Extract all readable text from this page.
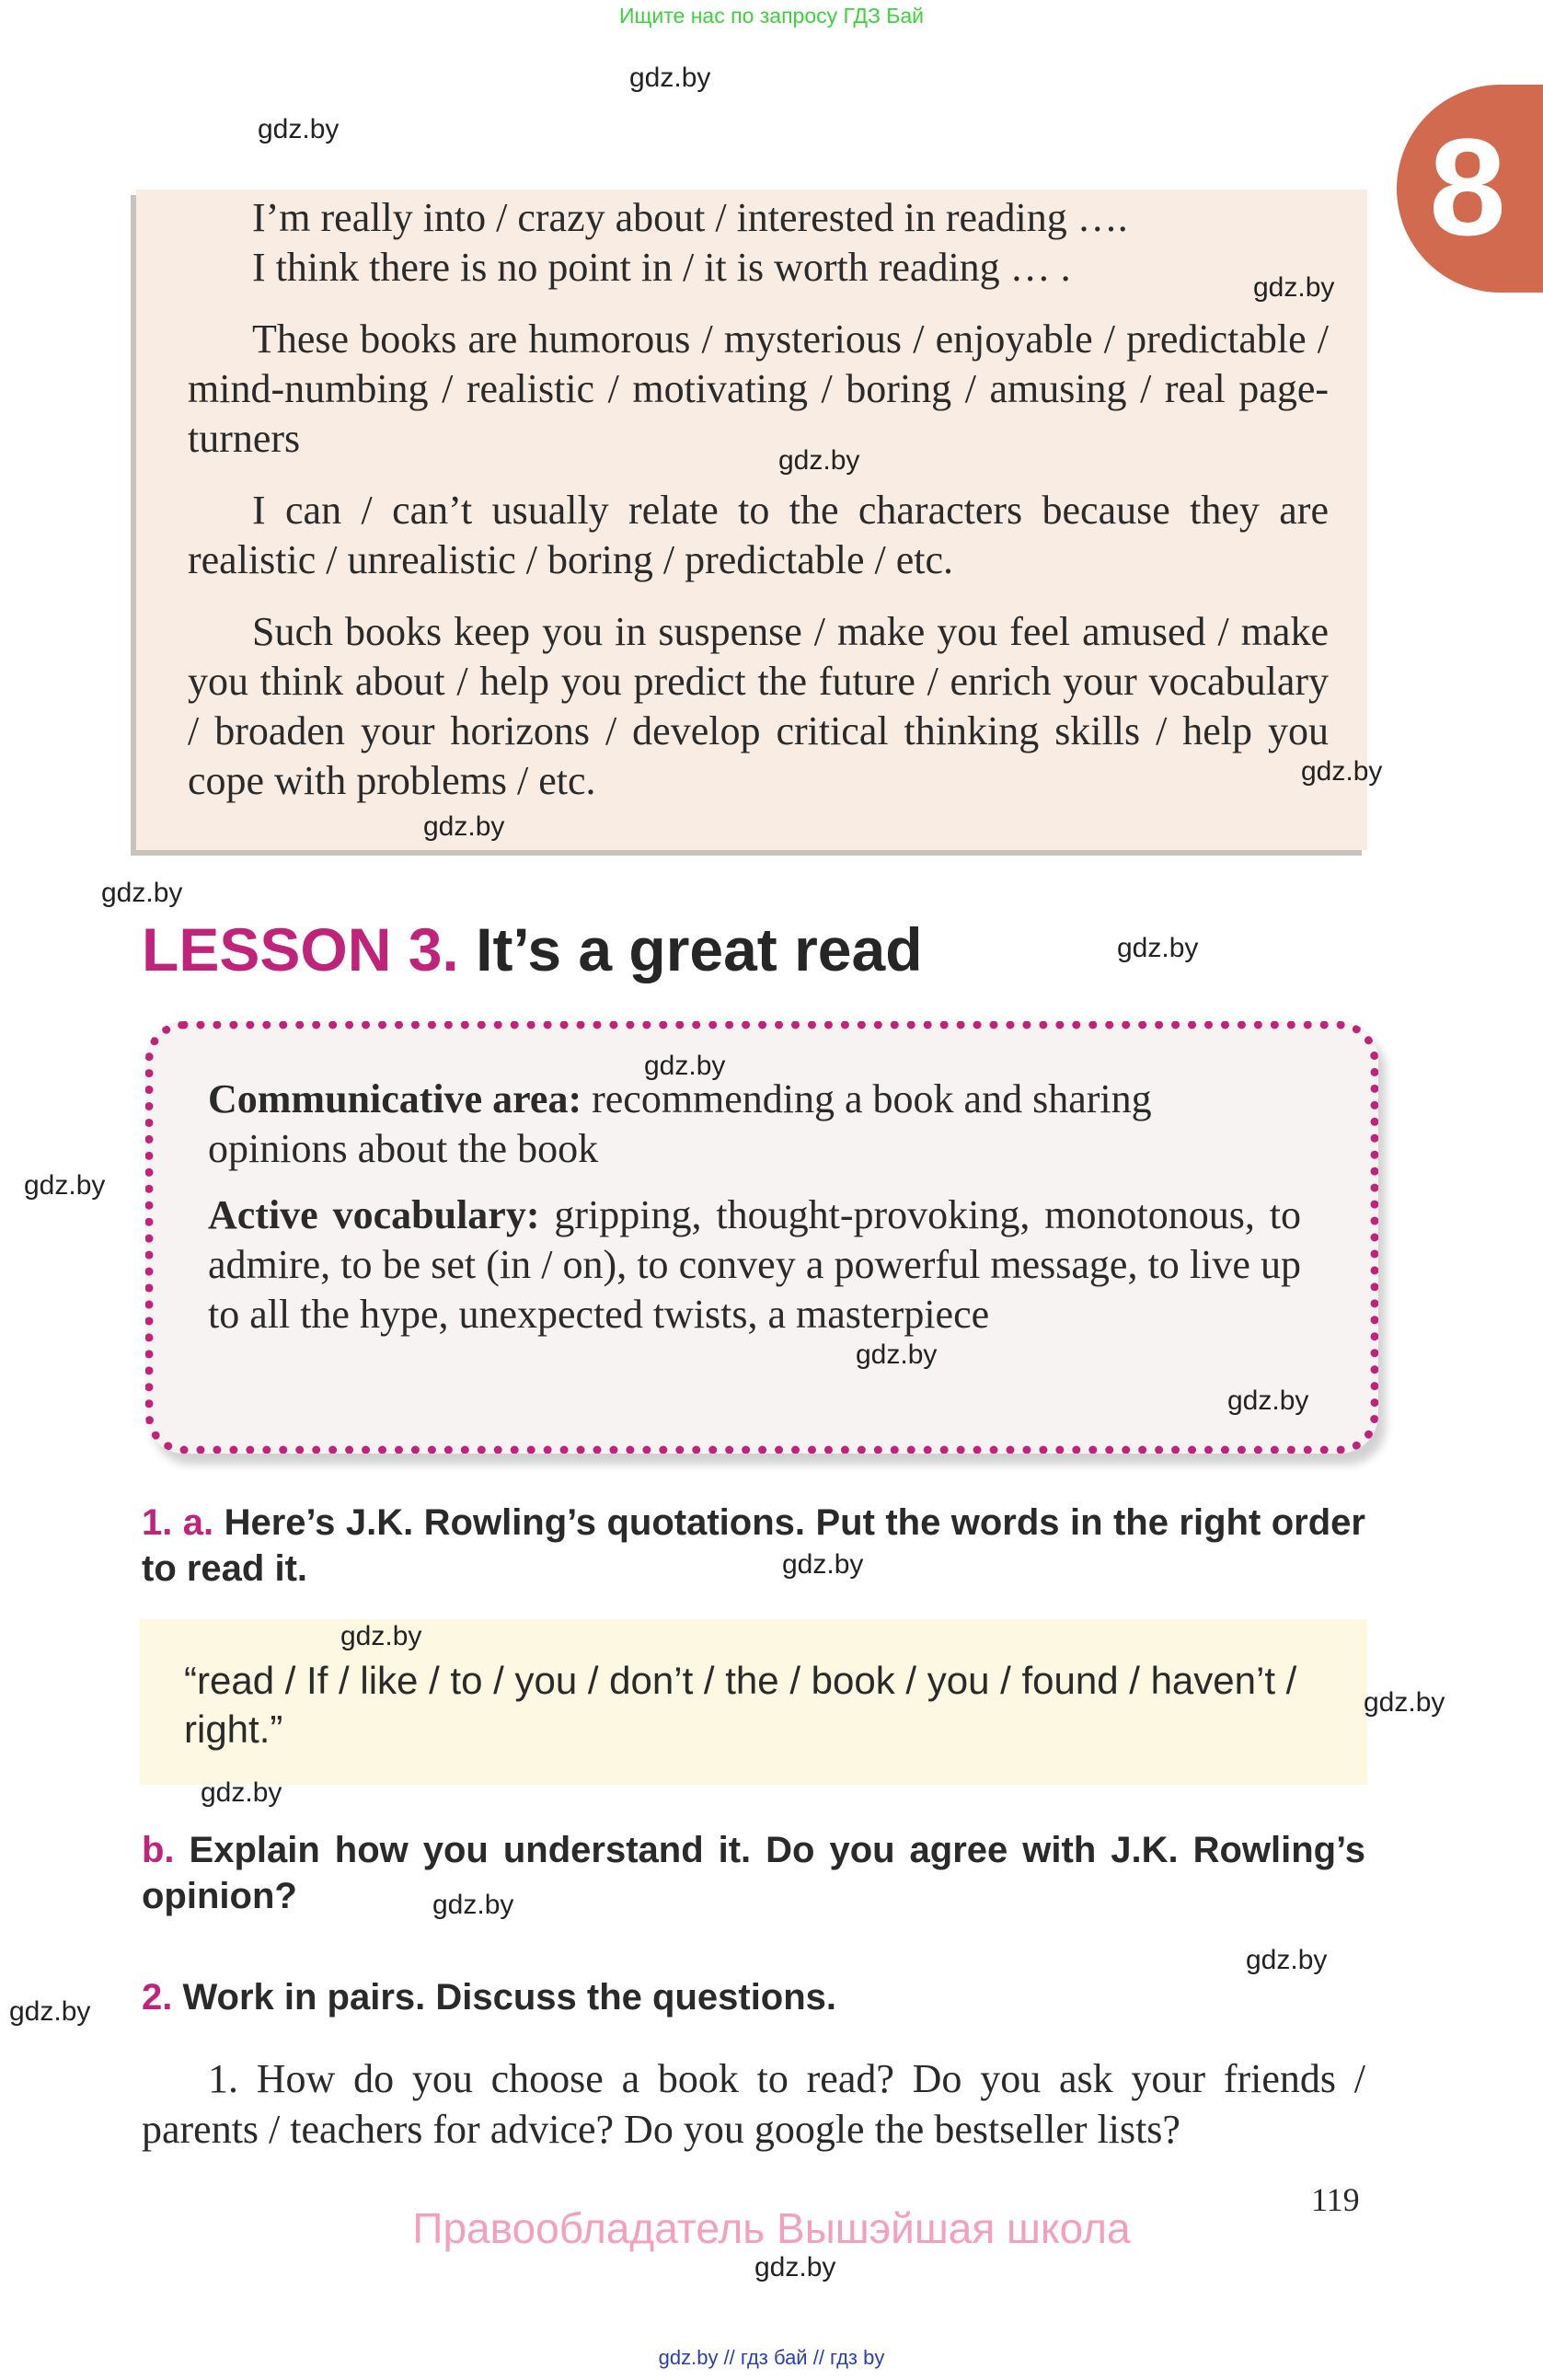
Ищите нас по запросу ГДЗ Бай
8
I’m really into / crazy about / interested in reading ….
I think there is no point in / it is worth reading … .
These books are humorous / mysterious / enjoyable / predictable / mind-numbing / realistic / motivating / boring / amusing / real page-turners
I can / can’t usually relate to the characters because they are realistic / unrealistic / boring / predictable / etc.
Such books keep you in suspense / make you feel amused / make you think about / help you predict the future / enrich your vocabulary / broaden your horizons / develop critical thinking skills / help you cope with problems / etc.
LESSON 3. It’s a great read
Communicative area: recommending a book and sharing opinions about the book
Active vocabulary: gripping, thought-provoking, monotonous, to admire, to be set (in / on), to convey a powerful message, to live up to all the hype, unexpected twists, a masterpiece
1. a. Here’s J.K. Rowling’s quotations. Put the words in the right order to read it.
“read / If / like / to / you / don’t / the / book / you / found / haven’t / right.”
b. Explain how you understand it. Do you agree with J.K. Rowling’s opinion?
2. Work in pairs. Discuss the questions.
1. How do you choose a book to read? Do you ask your friends / parents / teachers for advice? Do you google the bestseller lists?
119
Правообладатель Вышэйшая школа
gdz.by // гдз бай // гдз by
gdz.by
gdz.by
gdz.by
gdz.by
gdz.by
gdz.by
gdz.by
gdz.by
gdz.by
gdz.by
gdz.by
gdz.by
gdz.by
gdz.by
gdz.by
gdz.by
gdz.by
gdz.by
gdz.by
gdz.by
